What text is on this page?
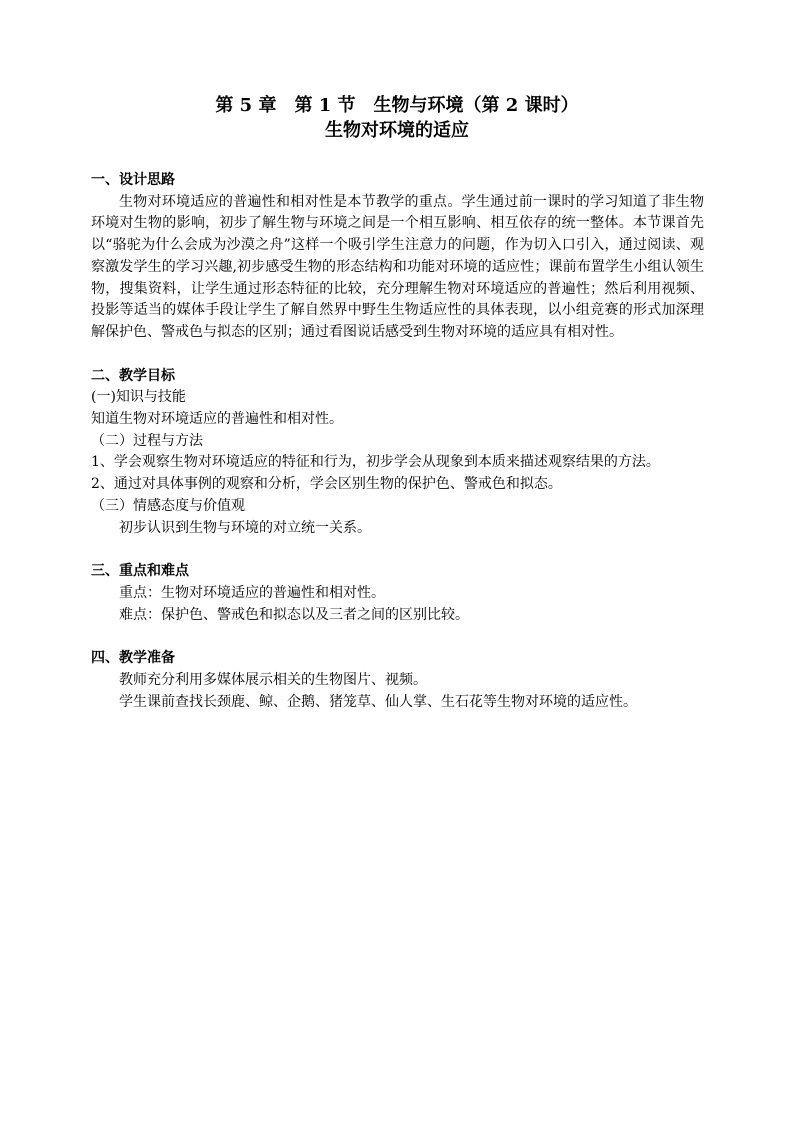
第 5 章　第 1 节　生物与环境（第 2 课时）
生物对环境的适应

一、设计思路

生物对环境适应的普遍性和相对性是本节教学的重点。学生通过前一课时的学习知道了非生物环境对生物的影响，初步了解生物与环境之间是一个相互影响、相互依存的统一整体。本节课首先以“骆驼为什么会成为沙漠之舟”这样一个吸引学生注意力的问题，作为切入口引入，通过阅读、观察激发学生的学习兴趣,初步感受生物的形态结构和功能对环境的适应性；课前布置学生小组认领生物，搜集资料，让学生通过形态特征的比较，充分理解生物对环境适应的普遍性；然后利用视频、投影等适当的媒体手段让学生了解自然界中野生生物适应性的具体表现，以小组竞赛的形式加深理解保护色、警戒色与拟态的区别；通过看图说话感受到生物对环境的适应具有相对性。

二、教学目标

(一)知识与技能

知道生物对环境适应的普遍性和相对性。

（二）过程与方法

1、学会观察生物对环境适应的特征和行为，初步学会从现象到本质来描述观察结果的方法。

2、通过对具体事例的观察和分析，学会区别生物的保护色、警戒色和拟态。

（三）情感态度与价值观

初步认识到生物与环境的对立统一关系。

三、重点和难点

重点：生物对环境适应的普遍性和相对性。

难点：保护色、警戒色和拟态以及三者之间的区别比较。

四、教学准备

教师充分利用多媒体展示相关的生物图片、视频。

学生课前查找长颈鹿、鲸、企鹅、猪笼草、仙人掌、生石花等生物对环境的适应性。
